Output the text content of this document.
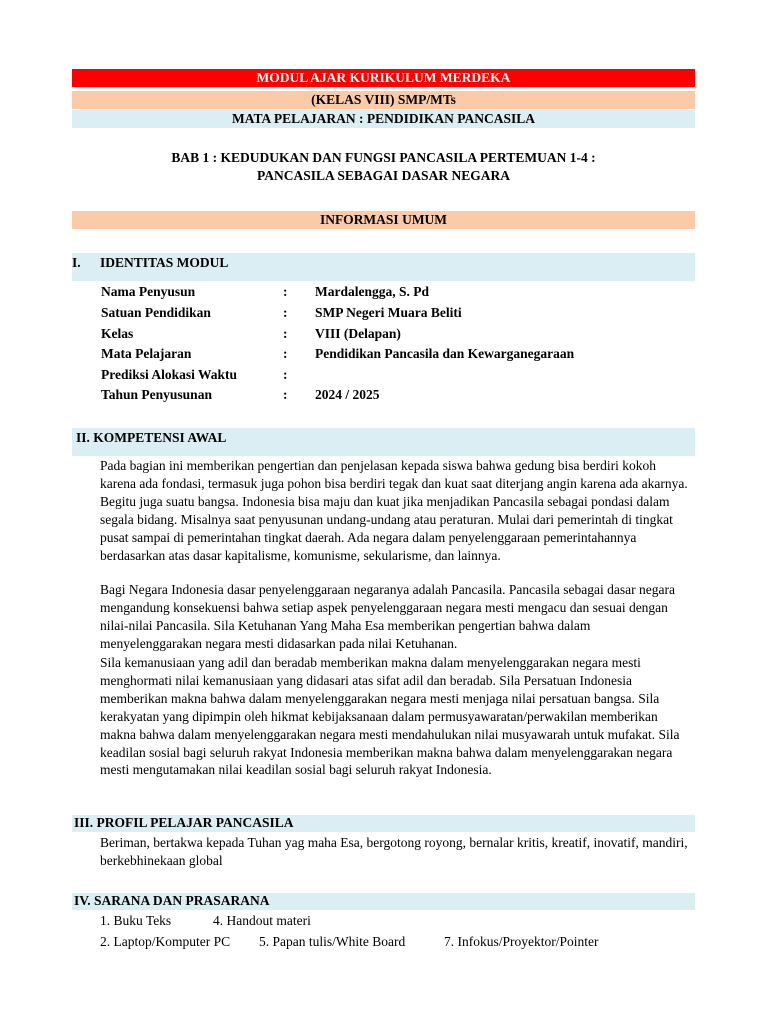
MODUL AJAR KURIKULUM MERDEKA
(KELAS VIII) SMP/MTs
MATA PELAJARAN : PENDIDIKAN PANCASILA
BAB 1 : KEDUDUKAN DAN FUNGSI PANCASILA PERTEMUAN 1-4 :
PANCASILA SEBAGAI DASAR NEGARA
INFORMASI UMUM
I. IDENTITAS MODUL
Nama Penyusun	: Mardalengga, S. Pd
Satuan Pendidikan	: SMP Negeri Muara Beliti
Kelas	: VIII (Delapan)
Mata Pelajaran	: Pendidikan Pancasila dan Kewarganegaraan
Prediksi Alokasi Waktu	:
Tahun Penyusunan	: 2024 / 2025
II. KOMPETENSI AWAL
Pada bagian ini memberikan pengertian dan penjelasan kepada siswa bahwa gedung bisa berdiri kokoh karena ada fondasi, termasuk juga pohon bisa berdiri tegak dan kuat saat diterjang angin karena ada akarnya. Begitu juga suatu bangsa. Indonesia bisa maju dan kuat jika menjadikan Pancasila sebagai pondasi dalam segala bidang. Misalnya saat penyusunan undang-undang atau peraturan. Mulai dari pemerintah di tingkat pusat sampai di pemerintahan tingkat daerah. Ada negara dalam penyelenggaraan pemerintahannya berdasarkan atas dasar kapitalisme, komunisme, sekularisme, dan lainnya.
Bagi Negara Indonesia dasar penyelenggaraan negaranya adalah Pancasila. Pancasila sebagai dasar negara mengandung konsekuensi bahwa setiap aspek penyelenggaraan negara mesti mengacu dan sesuai dengan nilai-nilai Pancasila. Sila Ketuhanan Yang Maha Esa memberikan pengertian bahwa dalam menyelenggarakan negara mesti didasarkan pada nilai Ketuhanan.
Sila kemanusiaan yang adil dan beradab memberikan makna dalam menyelenggarakan negara mesti menghormati nilai kemanusiaan yang didasari atas sifat adil dan beradab. Sila Persatuan Indonesia memberikan makna bahwa dalam menyelenggarakan negara mesti menjaga nilai persatuan bangsa. Sila kerakyatan yang dipimpin oleh hikmat kebijaksanaan dalam permusyawaratan/perwakilan memberikan makna bahwa dalam menyelenggarakan negara mesti mendahulukan nilai musyawarah untuk mufakat. Sila keadilan sosial bagi seluruh rakyat Indonesia memberikan makna bahwa dalam menyelenggarakan negara mesti mengutamakan nilai keadilan sosial bagi seluruh rakyat Indonesia.
III. PROFIL PELAJAR PANCASILA
Beriman, bertakwa kepada Tuhan yag maha Esa, bergotong royong, bernalar kritis, kreatif, inovatif, mandiri, berkebhinekaan global
IV. SARANA DAN PRASARANA
1. Buku Teks	4. Handout materi
2. Laptop/Komputer PC 5. Papan tulis/White Board	7. Infokus/Proyektor/Pointer
